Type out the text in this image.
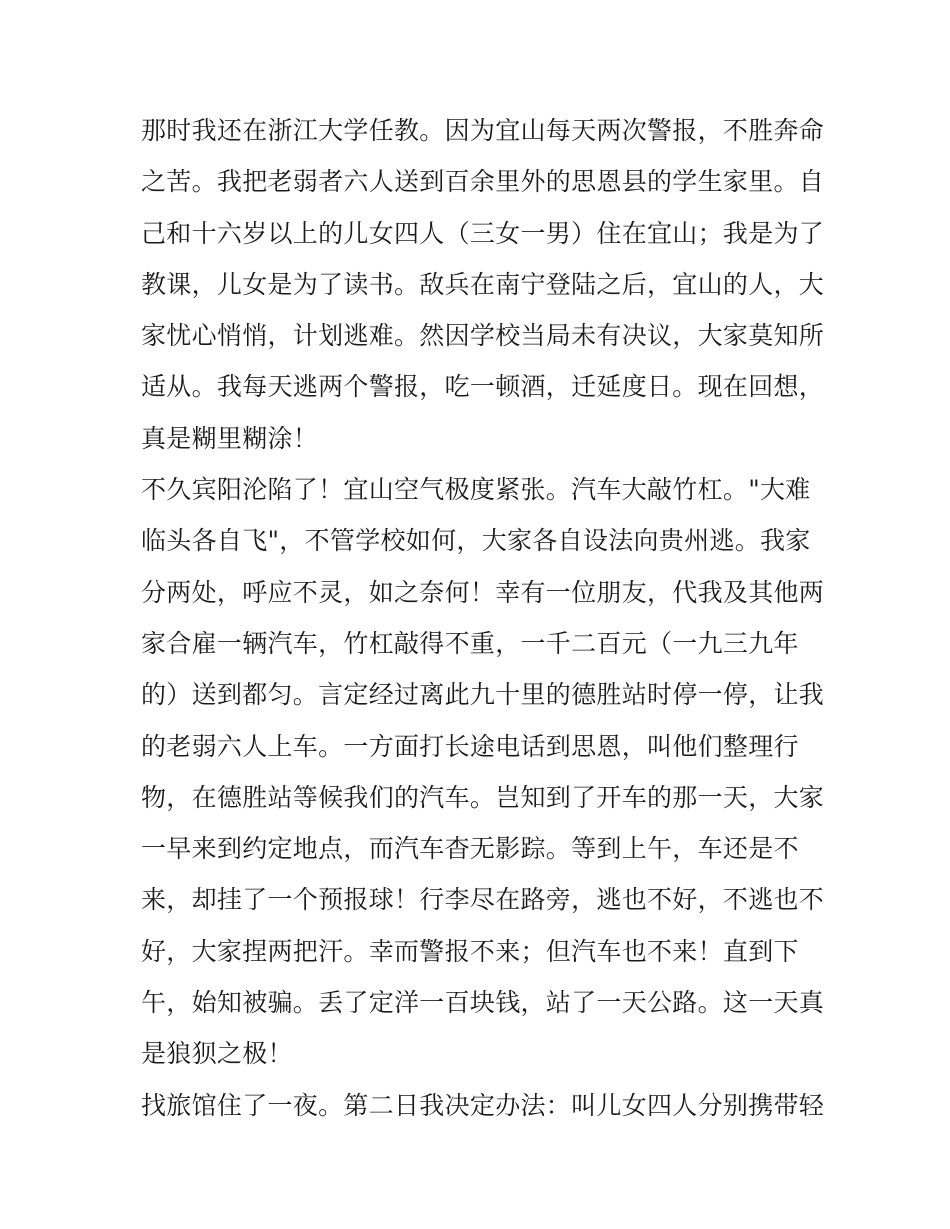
那时我还在浙江大学任教。因为宜山每天两次警报，不胜奔命
之苦。我把老弱者六人送到百余里外的思恩县的学生家里。自
己和十六岁以上的儿女四人（三女一男）住在宜山；我是为了
教课，儿女是为了读书。敌兵在南宁登陆之后，宜山的人，大
家忧心悄悄，计划逃难。然因学校当局未有决议，大家莫知所
适从。我每天逃两个警报，吃一顿酒，迁延度日。现在回想，
真是糊里糊涂！
不久宾阳沦陷了！宜山空气极度紧张。汽车大敲竹杠。"大难
临头各自飞"，不管学校如何，大家各自设法向贵州逃。我家
分两处，呼应不灵，如之奈何！幸有一位朋友，代我及其他两
家合雇一辆汽车，竹杠敲得不重，一千二百元（一九三九年
的）送到都匀。言定经过离此九十里的德胜站时停一停，让我
的老弱六人上车。一方面打长途电话到思恩，叫他们整理行
物，在德胜站等候我们的汽车。岂知到了开车的那一天，大家
一早来到约定地点，而汽车杳无影踪。等到上午，车还是不
来，却挂了一个预报球！行李尽在路旁，逃也不好，不逃也不
好，大家捏两把汗。幸而警报不来；但汽车也不来！直到下
午，始知被骗。丢了定洋一百块钱，站了一天公路。这一天真
是狼狈之极！
找旅馆住了一夜。第二日我决定办法：叫儿女四人分别携带轻
